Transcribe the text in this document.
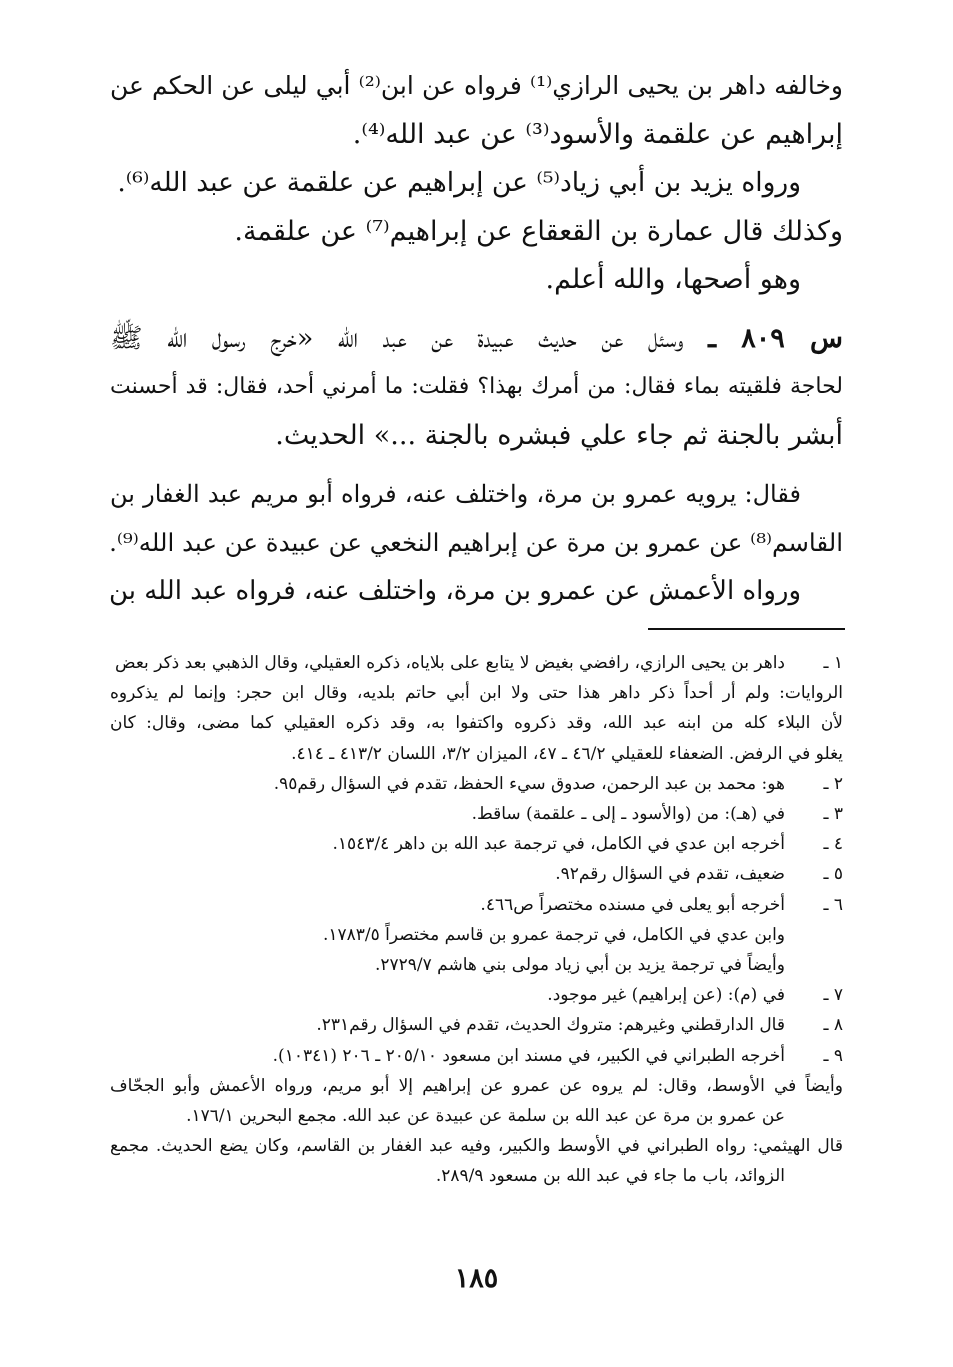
وخالفه داهر بن يحيى الرازي⁽¹⁾ فرواه عن ابن⁽²⁾ أبي ليلى عن الحكم عن
إبراهيم عن علقمة والأسود⁽³⁾ عن عبد الله⁽⁴⁾.
ورواه يزيد بن أبي زياد⁽⁵⁾ عن إبراهيم عن علقمة عن عبد الله⁽⁶⁾.
وكذلك قال عمارة بن القعقاع عن إبراهيم⁽⁷⁾ عن علقمة.
وهو أصحها، والله أعلم.
س ٨٠٩ ـ وسئل عن حديث عبيدة عن عبد الله «خرج رسول الله ﷺ
لحاجة فلقيته بماء فقال: من أمرك بهذا؟ فقلت: ما أمرني أحد، فقال: قد أحسنت
أبشر بالجنة ثم جاء علي فبشره بالجنة ...» الحديث.
فقال: يرويه عمرو بن مرة، واختلف عنه، فرواه أبو مريم عبد الغفار بن
القاسم⁽⁸⁾ عن عمرو بن مرة عن إبراهيم النخعي عن عبيدة عن عبد الله⁽⁹⁾.
ورواه الأعمش عن عمرو بن مرة، واختلف عنه، فرواه عبد الله بن
١ ـ
داهر بن يحيى الرازي، رافضي بغيض لا يتابع على بلاياه، ذكره العقيلي، وقال الذهبي بعد ذكر بعض
الروايات: ولم أر أحداً ذكر داهر هذا حتى ولا ابن أبي حاتم بلديه، وقال ابن حجر: وإنما لم يذكروه
لأن البلاء كله من ابنه عبد الله، وقد ذكروه واكتفوا به، وقد ذكره العقيلي كما مضى، وقال: كان
يغلو في الرفض. الضعفاء للعقيلي ٤٦/٢ ـ ٤٧، الميزان ٣/٢، اللسان ٤١٣/٢ ـ ٤١٤.
٢ ـ
هو: محمد بن عبد الرحمن، صدوق سيء الحفظ، تقدم في السؤال رقم٩٥.
٣ ـ
في (هـ): من (والأسود ـ إلى ـ علقمة) ساقط.
٤ ـ
أخرجه ابن عدي في الكامل، في ترجمة عبد الله بن داهر ١٥٤٣/٤.
٥ ـ
ضعيف، تقدم في السؤال رقم٩٢.
٦ ـ
أخرجه أبو يعلى في مسنده مختصراً ص٤٦٦.
وابن عدي في الكامل، في ترجمة عمرو بن قاسم مختصراً ١٧٨٣/٥.
وأيضاً في ترجمة يزيد بن أبي زياد مولى بني هاشم ٢٧٢٩/٧.
٧ ـ
في (م): (عن إبراهيم) غير موجود.
٨ ـ
قال الدارقطني وغيرهم: متروك الحديث، تقدم في السؤال رقم٢٣١.
٩ ـ
أخرجه الطبراني في الكبير، في مسند ابن مسعود ٢٠٥/١٠ ـ ٢٠٦ (١٠٣٤١).
وأيضاً في الأوسط، وقال: لم يروه عن عمرو عن إبراهيم إلا أبو مريم، ورواه الأعمش وأبو الجحّاف
عن عمرو بن مرة عن عبد الله بن سلمة عن عبيدة عن عبد الله. مجمع البحرين ١٧٦/١.
قال الهيثمي: رواه الطبراني في الأوسط والكبير، وفيه عبد الغفار بن القاسم، وكان يضع الحديث. مجمع
الزوائد، باب ما جاء في عبد الله بن مسعود ٢٨٩/٩.
١٨٥
